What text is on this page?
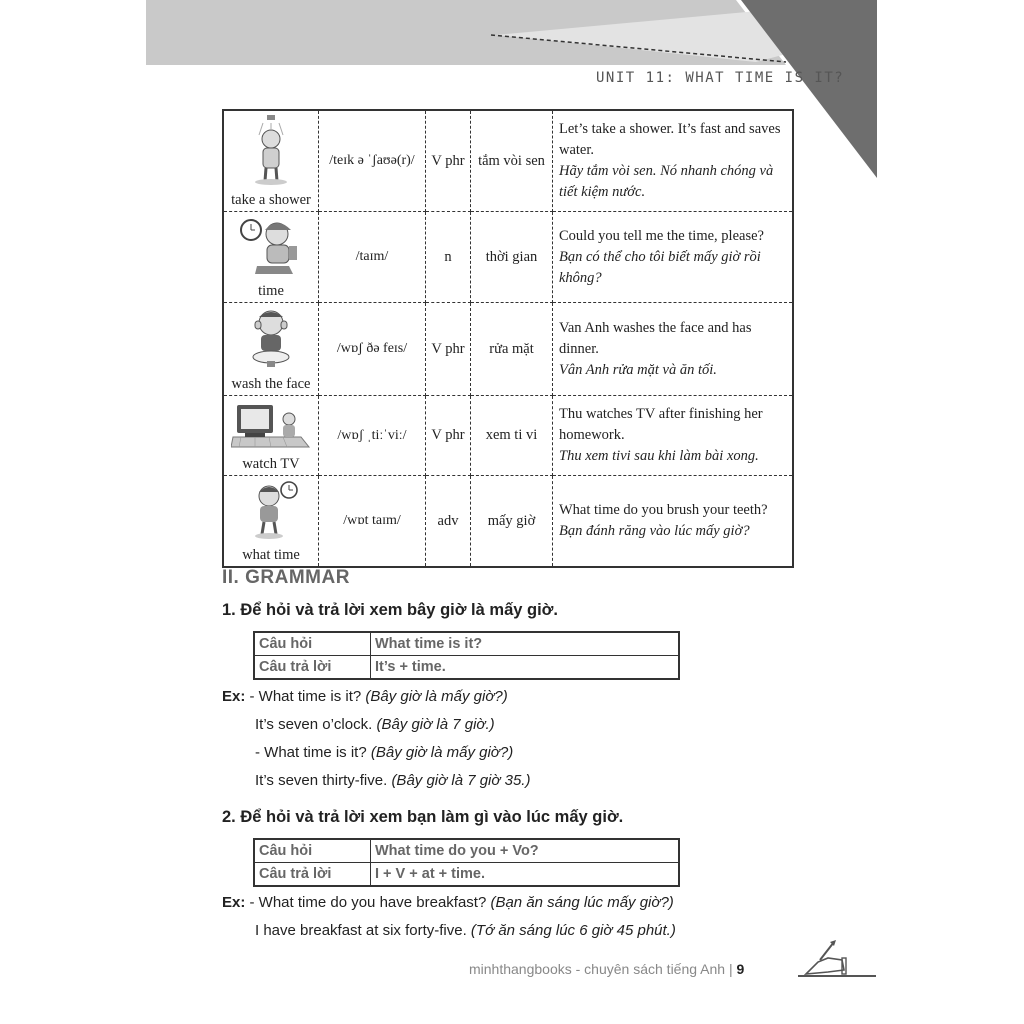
UNIT 11: WHAT TIME IS IT?
take a shower	/teɪk ə ˈʃaʊə(r)/	V phr	tắm vòi sen	Let’s take a shower. It’s fast and saves water.
Hãy tắm vòi sen. Nó nhanh chóng và tiết kiệm nước.

time	/taɪm/	n	thời gian	Could you tell me the time, please?
Bạn có thể cho tôi biết mấy giờ rồi không?

wash the face	/wɒʃ ðə feɪs/	V phr	rửa mặt	Van Anh washes the face and has dinner.
Vân Anh rửa mặt và ăn tối.

watch TV	/wɒʃ ˌtiːˈviː/	V phr	xem ti vi	Thu watches TV after finishing her homework.
Thu xem tivi sau khi làm bài xong.

what time	/wɒt taɪm/	adv	mấy giờ	What time do you brush your teeth?
Bạn đánh răng vào lúc mấy giờ?
II. GRAMMAR
1. Để hỏi và trả lời xem bây giờ là mấy giờ.
Câu hỏi	What time is it?
Câu trả lời	It’s + time.
Ex: - What time is it? (Bây giờ là mấy giờ?)
It’s seven o’clock. (Bây giờ là 7 giờ.)
- What time is it? (Bây giờ là mấy giờ?)
It’s seven thirty-five. (Bây giờ là 7 giờ 35.)
2. Để hỏi và trả lời xem bạn làm gì vào lúc mấy giờ.
Câu hỏi	What time do you + Vo?
Câu trả lời	I + V + at + time.
Ex: - What time do you have breakfast? (Bạn ăn sáng lúc mấy giờ?)
I have breakfast at six forty-five. (Tớ ăn sáng lúc 6 giờ 45 phút.)
minhthangbooks - chuyên sách tiếng Anh | 9
